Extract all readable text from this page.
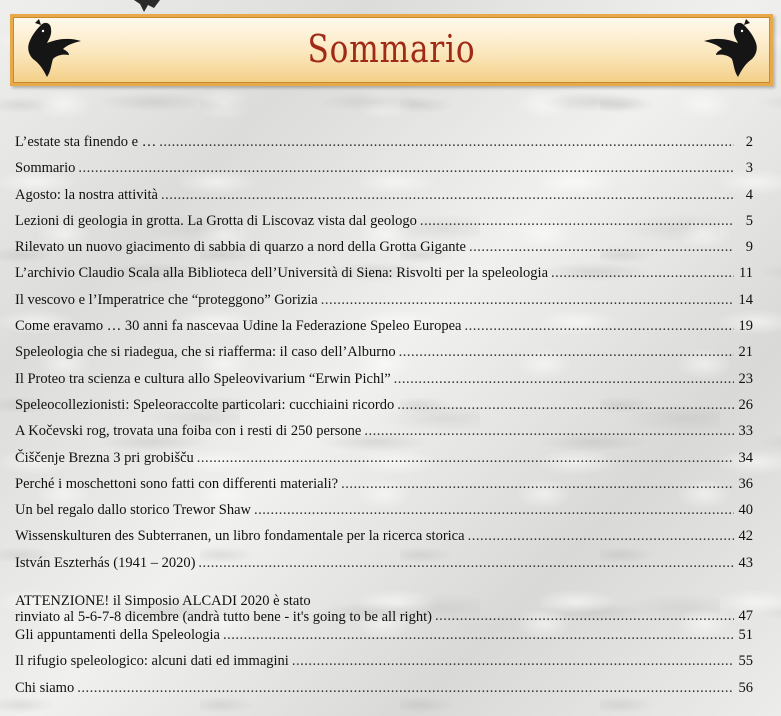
Sommario
L’estate sta finendo e … .....	2
Sommario .....	3
Agosto: la nostra attività .....	4
Lezioni di geologia in grotta. La Grotta di Liscovaz vista dal geologo .....	5
Rilevato un nuovo giacimento di sabbia di quarzo a nord della Grotta Gigante .....	9
L’archivio Claudio Scala alla Biblioteca dell’Università di Siena: Risvolti per la speleologia .....	11
Il vescovo e l’Imperatrice che “proteggono” Gorizia .....	14
Come eravamo … 30 anni fa nascevaa Udine la Federazione Speleo Europea .....	19
Speleologia che si riadegua, che si riafferma: il caso dell’Alburno .....	21
Il Proteo tra scienza e cultura allo Speleovivarium “Erwin Pichl” .....	23
Speleocollezionisti: Speleoraccolte particolari: cucchiaini ricordo .....	26
A Kočevski rog, trovata una foiba con i resti di 250 persone .....	33
Čiščenje Brezna 3 pri grobišču .....	34
Perché i moschettoni sono fatti con differenti materiali? .....	36
Un bel regalo dallo storico Trewor Shaw .....	40
Wissenskulturen des Subterranen, un libro fondamentale per la ricerca storica .....	42
István Eszterhás (1941 – 2020) .....	43
ATTENZIONE! il Simposio ALCADI 2020 è stato
rinviato al 5-6-7-8 dicembre (andrà tutto bene - it's going to be all right) .....	47
Gli appuntamenti della Speleologia .....	51
Il rifugio speleologico: alcuni dati ed immagini .....	55
Chi siamo .....	56
